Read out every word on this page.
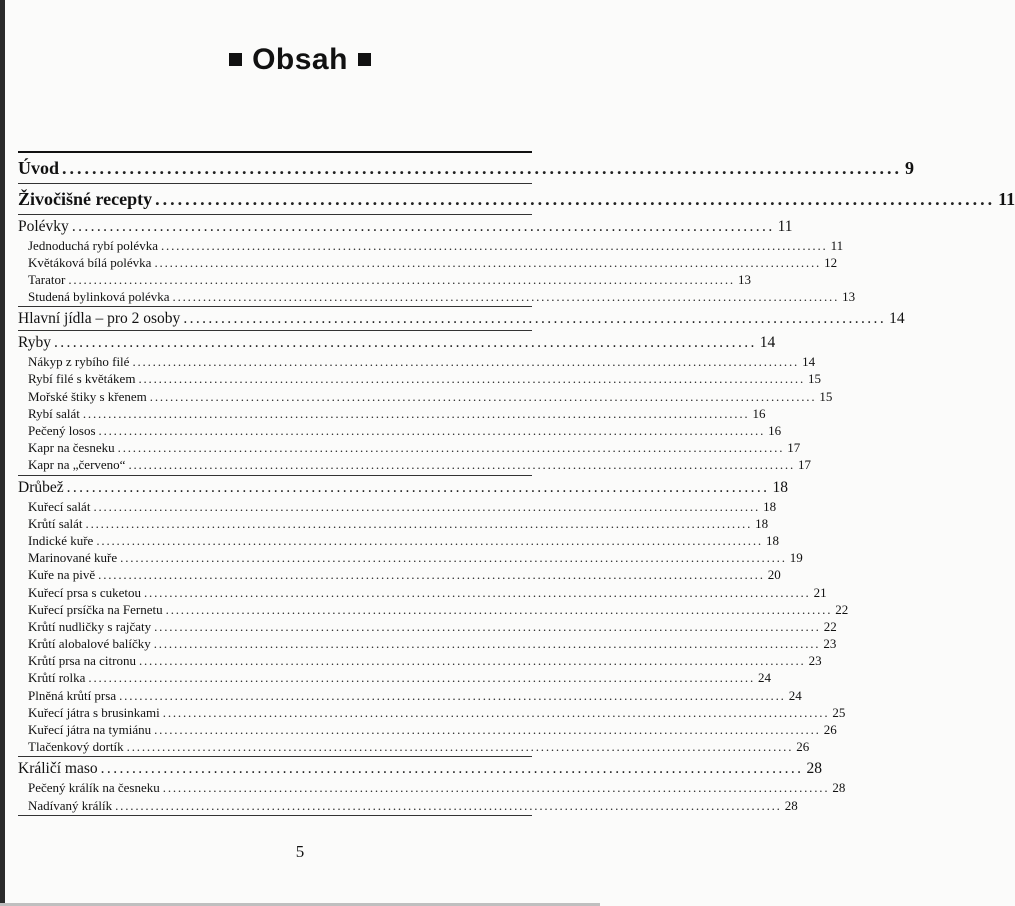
Obsah
Úvod ................................................................................................................ 9
Živočišné recepty ................................................................................................................ 11
Polévky ................................................................................................................ 11
Jednoduchá rybí polévka .................................................................................................................................... 11
Květáková bílá polévka .................................................................................................................................... 12
Tarator .................................................................................................................................... 13
Studená bylinková polévka .................................................................................................................................... 13
Hlavní jídla – pro 2 osoby ................................................................................................................ 14
Ryby ................................................................................................................ 14
Nákyp z rybího filé .................................................................................................................................... 14
Rybí filé s květákem .................................................................................................................................... 15
Mořské štiky s křenem .................................................................................................................................... 15
Rybí salát .................................................................................................................................... 16
Pečený losos .................................................................................................................................... 16
Kapr na česneku .................................................................................................................................... 17
Kapr na „červeno“ .................................................................................................................................... 17
Drůbež ................................................................................................................ 18
Kuřecí salát .................................................................................................................................... 18
Krůtí salát .................................................................................................................................... 18
Indické kuře .................................................................................................................................... 18
Marinované kuře .................................................................................................................................... 19
Kuře na pivě .................................................................................................................................... 20
Kuřecí prsa s cuketou .................................................................................................................................... 21
Kuřecí prsíčka na Fernetu .................................................................................................................................... 22
Krůtí nudličky s rajčaty .................................................................................................................................... 22
Krůtí alobalové balíčky .................................................................................................................................... 23
Krůtí prsa na citronu .................................................................................................................................... 23
Krůtí rolka .................................................................................................................................... 24
Plněná krůtí prsa .................................................................................................................................... 24
Kuřecí játra s brusinkami .................................................................................................................................... 25
Kuřecí játra na tymiánu .................................................................................................................................... 26
Tlačenkový dortík .................................................................................................................................... 26
Králičí maso ................................................................................................................ 28
Pečený králík na česneku .................................................................................................................................... 28
Nadívaný králík .................................................................................................................................... 28
5
